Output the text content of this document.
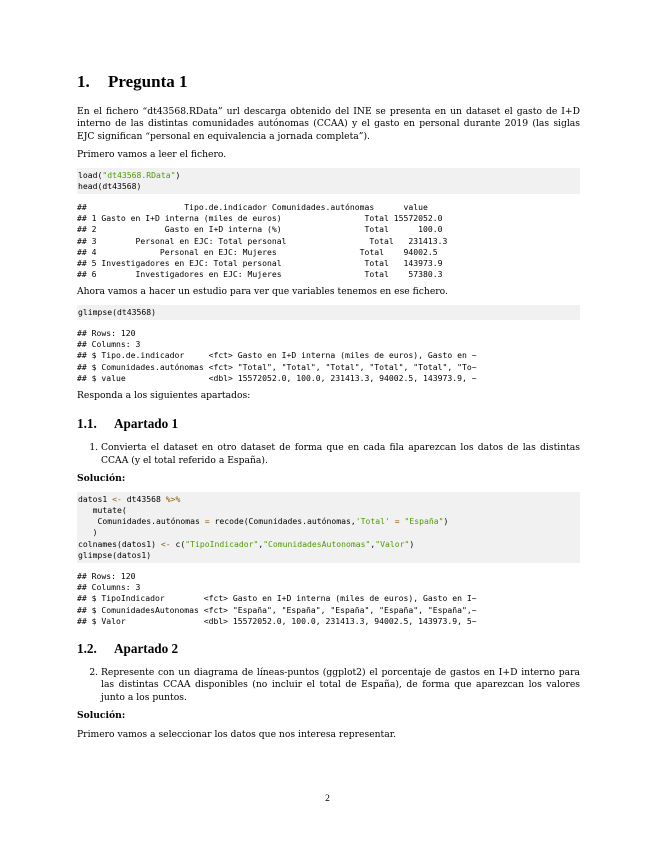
1. Pregunta 1

En el fichero “dt43568.RData” url descarga obtenido del INE se presenta en un dataset el gasto de I+D interno de las distintas comunidades autónomas (CCAA) y el gasto en personal durante 2019 (las siglas EJC significan “personal en equivalencia a jornada completa”).

Primero vamos a leer el fichero.

load("dt43568.RData")
head(dt43568)
##                    Tipo.de.indicador Comunidades.autónomas      value
## 1 Gasto en I+D interna (miles de euros)                 Total 15572052.0
## 2              Gasto en I+D interna (%)                 Total      100.0
## 3        Personal en EJC: Total personal                 Total   231413.3
## 4             Personal en EJC: Mujeres                 Total    94002.5
## 5 Investigadores en EJC: Total personal                 Total   143973.9
## 6        Investigadores en EJC: Mujeres                 Total    57380.3

Ahora vamos a hacer un estudio para ver que variables tenemos en ese fichero.

glimpse(dt43568)
## Rows: 120
## Columns: 3
## $ Tipo.de.indicador     <fct> Gasto en I+D interna (miles de euros), Gasto en ~
## $ Comunidades.autónomas <fct> "Total", "Total", "Total", "Total", "Total", "To~
## $ value                 <dbl> 15572052.0, 100.0, 231413.3, 94002.5, 143973.9, ~

Responda a los siguientes apartados:

1.1. Apartado 1
1. Convierta el dataset en otro dataset de forma que en cada fila aparezcan los datos de las distintas CCAA (y el total referido a España).
Solución:
datos1 <- dt43568 %>%
mutate(
Comunidades.autónomas = recode(Comunidades.autónomas,'Total' = "España")
)
colnames(datos1) <- c("TipoIndicador","ComunidadesAutonomas","Valor")
glimpse(datos1)
## Rows: 120
## Columns: 3
## $ TipoIndicador        <fct> Gasto en I+D interna (miles de euros), Gasto en I~
## $ ComunidadesAutonomas <fct> "España", "España", "España", "España", "España",~
## $ Valor                <dbl> 15572052.0, 100.0, 231413.3, 94002.5, 143973.9, 5~
1.2. Apartado 2
2. Represente con un diagrama de líneas-puntos (ggplot2) el porcentaje de gastos en I+D interno para las distintas CCAA disponibles (no incluir el total de España), de forma que aparezcan los valores junto a los puntos.
Solución:

Primero vamos a seleccionar los datos que nos interesa representar.

2
